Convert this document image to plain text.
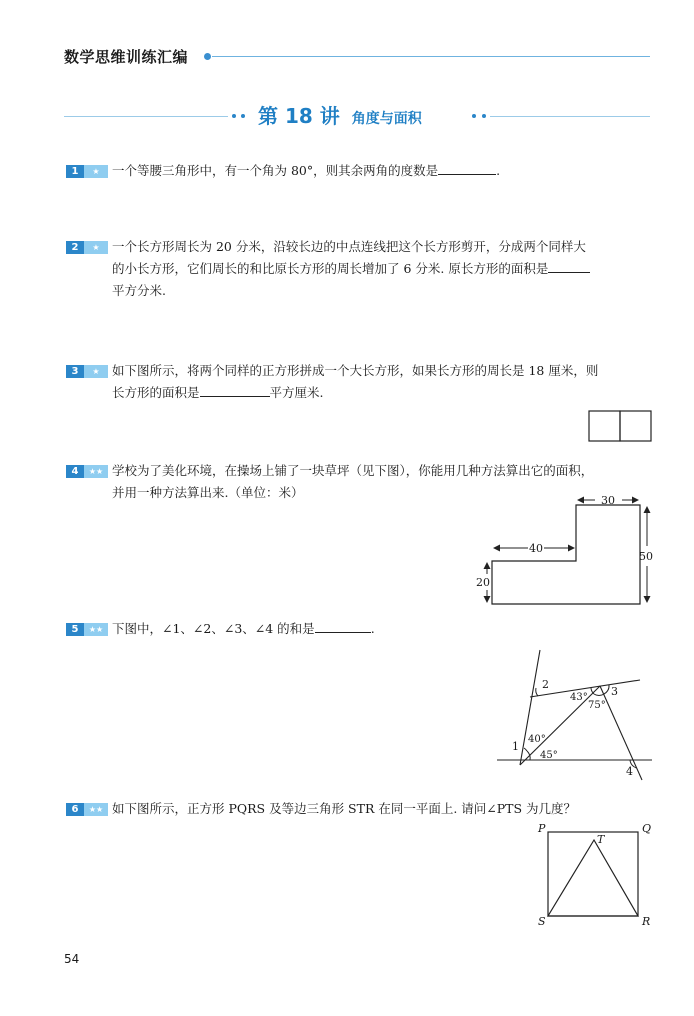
数学思维训练汇编
第 18 讲 角度与面积
1	★ 一个等腰三角形中，有一个角为 80°，则其余两角的度数是	.
2	★ 一个长方形周长为 20 分米，沿较长边的中点连线把这个长方形剪开，分成两个同样大
的小长方形，它们周长的和比原长方形的周长增加了 6 分米. 原长方形的面积是
平方分米.
3	★ 如下图所示，将两个同样的正方形拼成一个大长方形，如果长方形的周长是 18 厘米，则
长方形的面积是	平方厘米.
4	★★ 学校为了美化环境，在操场上铺了一块草坪（见下图），你能用几种方法算出它的面积，
并用一种方法算出来.（单位：米）
30
40
50
20
5	★★ 下图中，∠1、∠2、∠3、∠4 的和是	.
1
2
3
4
43°
75°
40°
45°
6	★★ 如下图所示，正方形 PQRS 及等边三角形 STR 在同一平面上. 请问∠PTS 为几度？
P	Q
T
S	R
54
